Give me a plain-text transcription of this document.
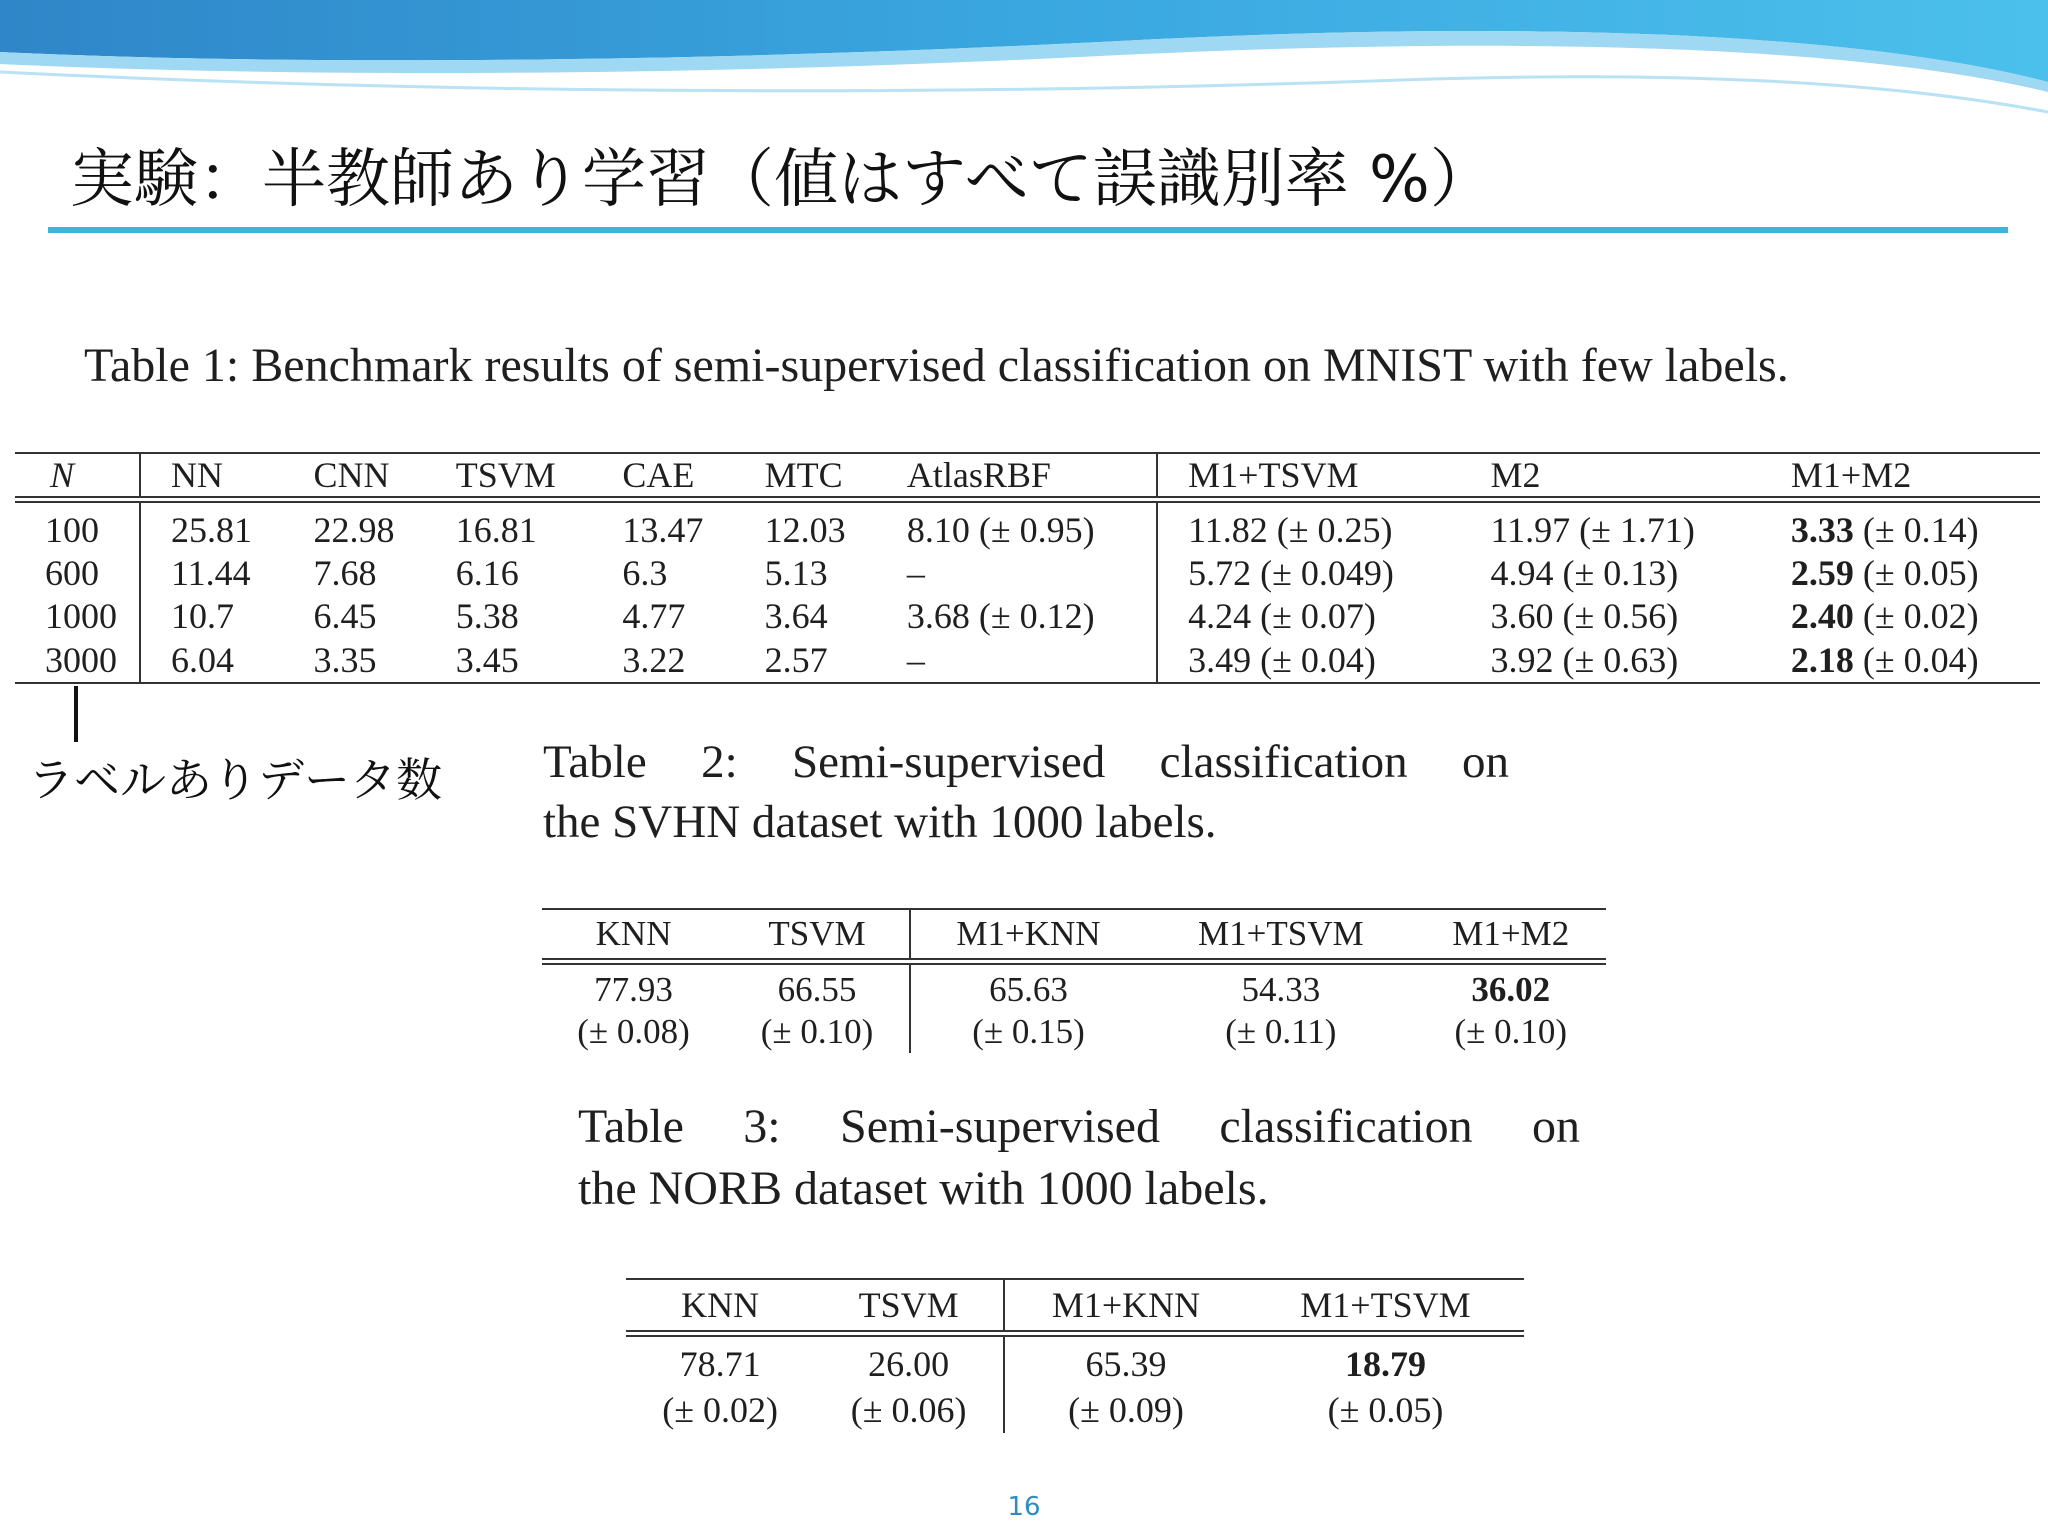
実験：半教師あり学習（値はすべて誤識別率 %）

Table 1: Benchmark results of semi-supervised classification on MNIST with few labels.

N	NN	CNN	TSVM	CAE	MTC	AtlasRBF	M1+TSVM	M2	M1+M2
100	25.81	22.98	16.81	13.47	12.03	8.10 (± 0.95)	11.82 (± 0.25)	11.97 (± 1.71)	3.33 (± 0.14)
600	11.44	7.68	6.16	6.3	5.13	–	5.72 (± 0.049)	4.94 (± 0.13)	2.59 (± 0.05)
1000	10.7	6.45	5.38	4.77	3.64	3.68 (± 0.12)	4.24 (± 0.07)	3.60 (± 0.56)	2.40 (± 0.02)
3000	6.04	3.35	3.45	3.22	2.57	–	3.49 (± 0.04)	3.92 (± 0.63)	2.18 (± 0.04)

ラベルありデータ数 Table 2: Semi-supervised classification on
the SVHN dataset with 1000 labels.

KNN	TSVM	M1+KNN	M1+TSVM	M1+M2
77.93	66.55	65.63	54.33	36.02
(± 0.08)	(± 0.10)	(± 0.15)	(± 0.11)	(± 0.10)

Table 3: Semi-supervised classification on
the NORB dataset with 1000 labels.

KNN	TSVM	M1+KNN	M1+TSVM
78.71	26.00	65.39	18.79
(± 0.02)	(± 0.06)	(± 0.09)	(± 0.05)
16
